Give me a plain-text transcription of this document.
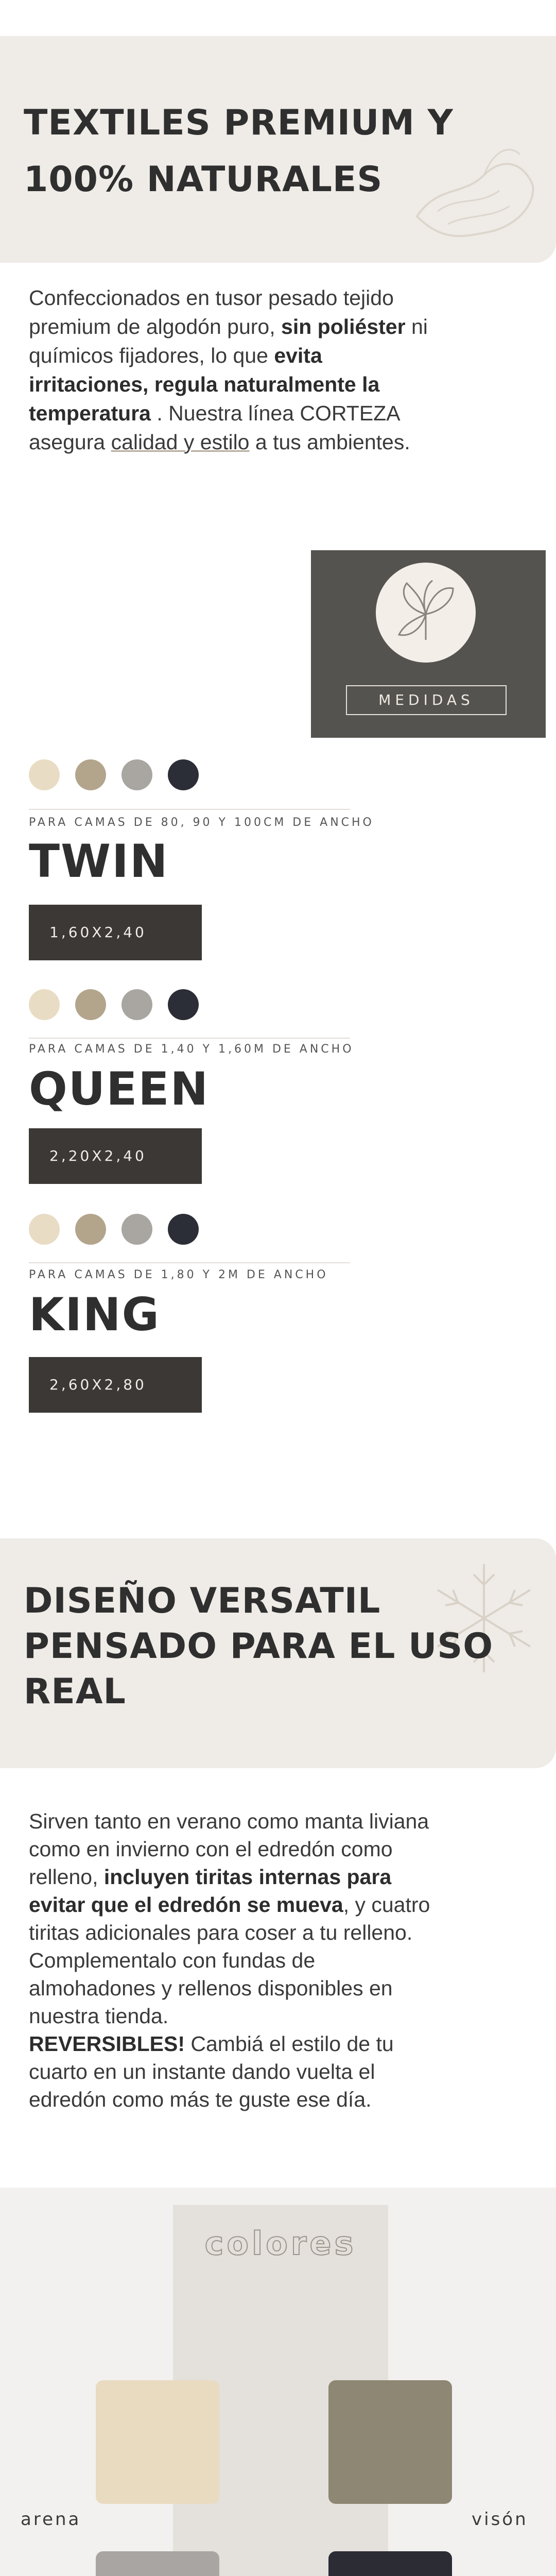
TEXTILES PREMIUM Y
100% NATURALES
Confeccionados en tusor pesado tejido
premium de algodón puro, sin poliéster ni
químicos fijadores, lo que evita
irritaciones, regula naturalmente la
temperatura . Nuestra línea CORTEZA
asegura calidad y estilo a tus ambientes.
MEDIDAS
PARA CAMAS DE 80, 90 Y 100CM DE ANCHO
TWIN
1,60X2,40
PARA CAMAS DE 1,40 Y 1,60M DE ANCHO
QUEEN
2,20X2,40
PARA CAMAS DE 1,80 Y 2M DE ANCHO
KING
2,60X2,80
DISEÑO VERSATIL
PENSADO PARA EL USO
REAL
Sirven tanto en verano como manta liviana
como en invierno con el edredón como
relleno, incluyen tiritas internas para
evitar que el edredón se mueva, y cuatro
tiritas adicionales para coser a tu relleno.
Complementalo con fundas de
almohadones y rellenos disponibles en
nuestra tienda.
REVERSIBLES! Cambiá el estilo de tu
cuarto en un instante dando vuelta el
edredón como más te guste ese día.
colores
arena	visón
